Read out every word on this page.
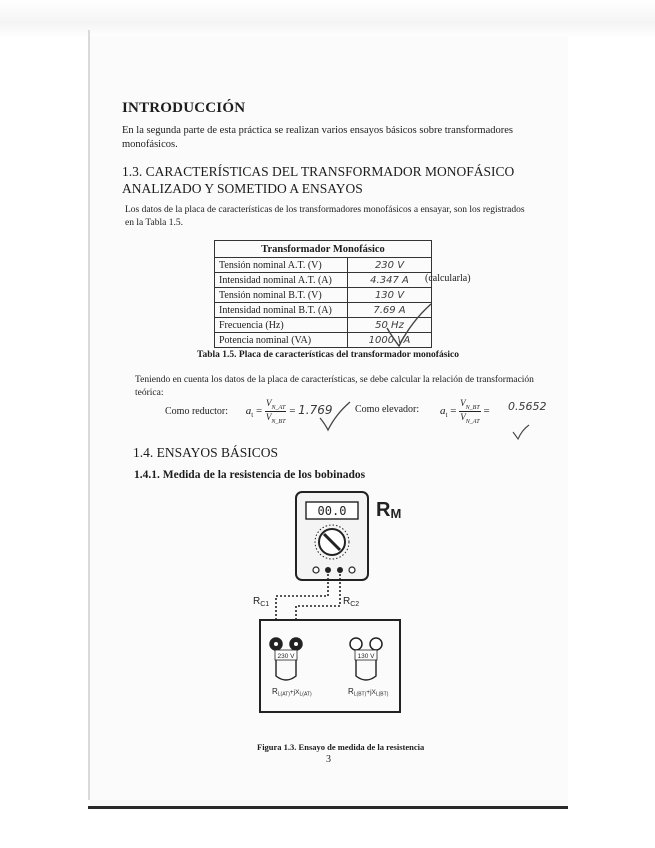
INTRODUCCIÓN
En la segunda parte de esta práctica se realizan varios ensayos básicos sobre transformadores
monofásicos.
1.3. CARACTERÍSTICAS DEL TRANSFORMADOR MONOFÁSICO
ANALIZADO Y SOMETIDO A ENSAYOS
Los datos de la placa de características de los transformadores monofásicos a ensayar, son los registrados
en la Tabla 1.5.
Transformador Monofásico	
Tensión nominal A.T. (V)	230 V
Intensidad nominal A.T. (A)	4.347 A
Tensión nominal B.T. (V)	130 V
Intensidad nominal B.T. (A)	7.69 A
Frecuencia (Hz)	50 Hz
Potencia nominal (VA)	1000 VA
(calcularla)
Tabla 1.5. Placa de características del transformador monofásico
Teniendo en cuenta los datos de la placa de características, se debe calcular la relación de transformación
teórica:
Como reductor: $a_t = \frac{V_{N\_AT}}{V_{N\_BT}} = 1.769$ Como elevador: $a_t = \frac{V_{N\_BT}}{V_{N\_AT}} = 0.5652$
1.4. ENSAYOS BÁSICOS
1.4.1. Medida de la resistencia de los bobinados
00.0 RM
$R_{C1}$	$R_{C2}$
230 V	130 V
RL(AT)+jXL(AT)	RL(BT)+jXL(BT)
Figura 1.3. Ensayo de medida de la resistencia
3
